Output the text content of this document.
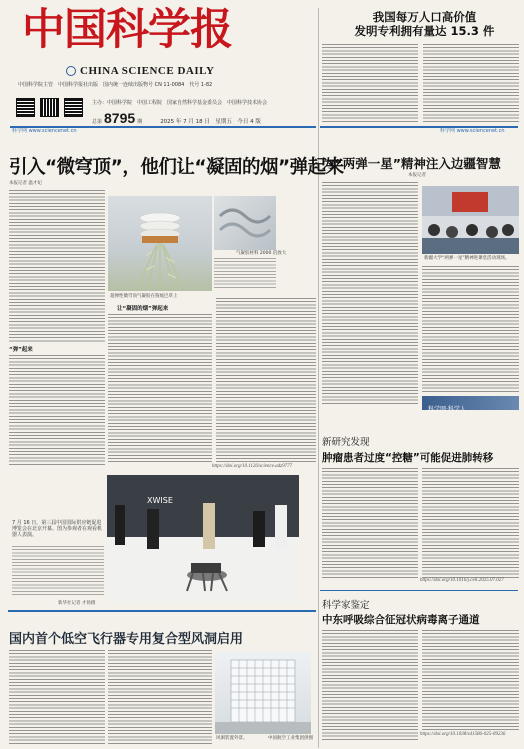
中国科学报
CHINA SCIENCE DAILY
中国科学院主管　中国科学报社出版　国内统一连续出版物号 CN 11-0084　代号 1-82
主办：中国科学院　中国工程院　国家自然科学基金委员会　中国科学技术协会
总第 8795 期	2025 年 7 月 18 日　星期五　今日 4 版
科学网 www.sciencenet.cn	科学网 www.sciencenet.cn
我国每万人口高价值
发明专利拥有量达 15.3 件
引入“微穹顶”，他们让“凝固的烟”弹起来
本报记者 温才妃
气凝胶材料 2000 倍放大
超弹性微穹顶气凝胶在狗尾巴草上
让“凝固的烟”弹起来
“弹”起来
https://doi.org/10.1126/science.adz9777
XWISE
7 月 16 日，第三届中国国际供应链促进博览会在北京开幕。图为参观者在观看机器人表演。
新华社记者 才扬摄
国内首个低空飞行器专用复合型风洞启用
风洞装置外景。	中国航空工业集团供图
为“两弹一星”精神注入边疆智慧
本报记者
新疆大学“两弹一星”精神进课堂活动现场。
科学网·科学人
新研究发现
肿瘤患者过度“控糖”可能促进肺转移
https://doi.org/10.1016/j.cell.2025.07.027
科学家鉴定
中东呼吸综合征冠状病毒离子通道
https://doi.org/10.1038/s41586-025-09236
